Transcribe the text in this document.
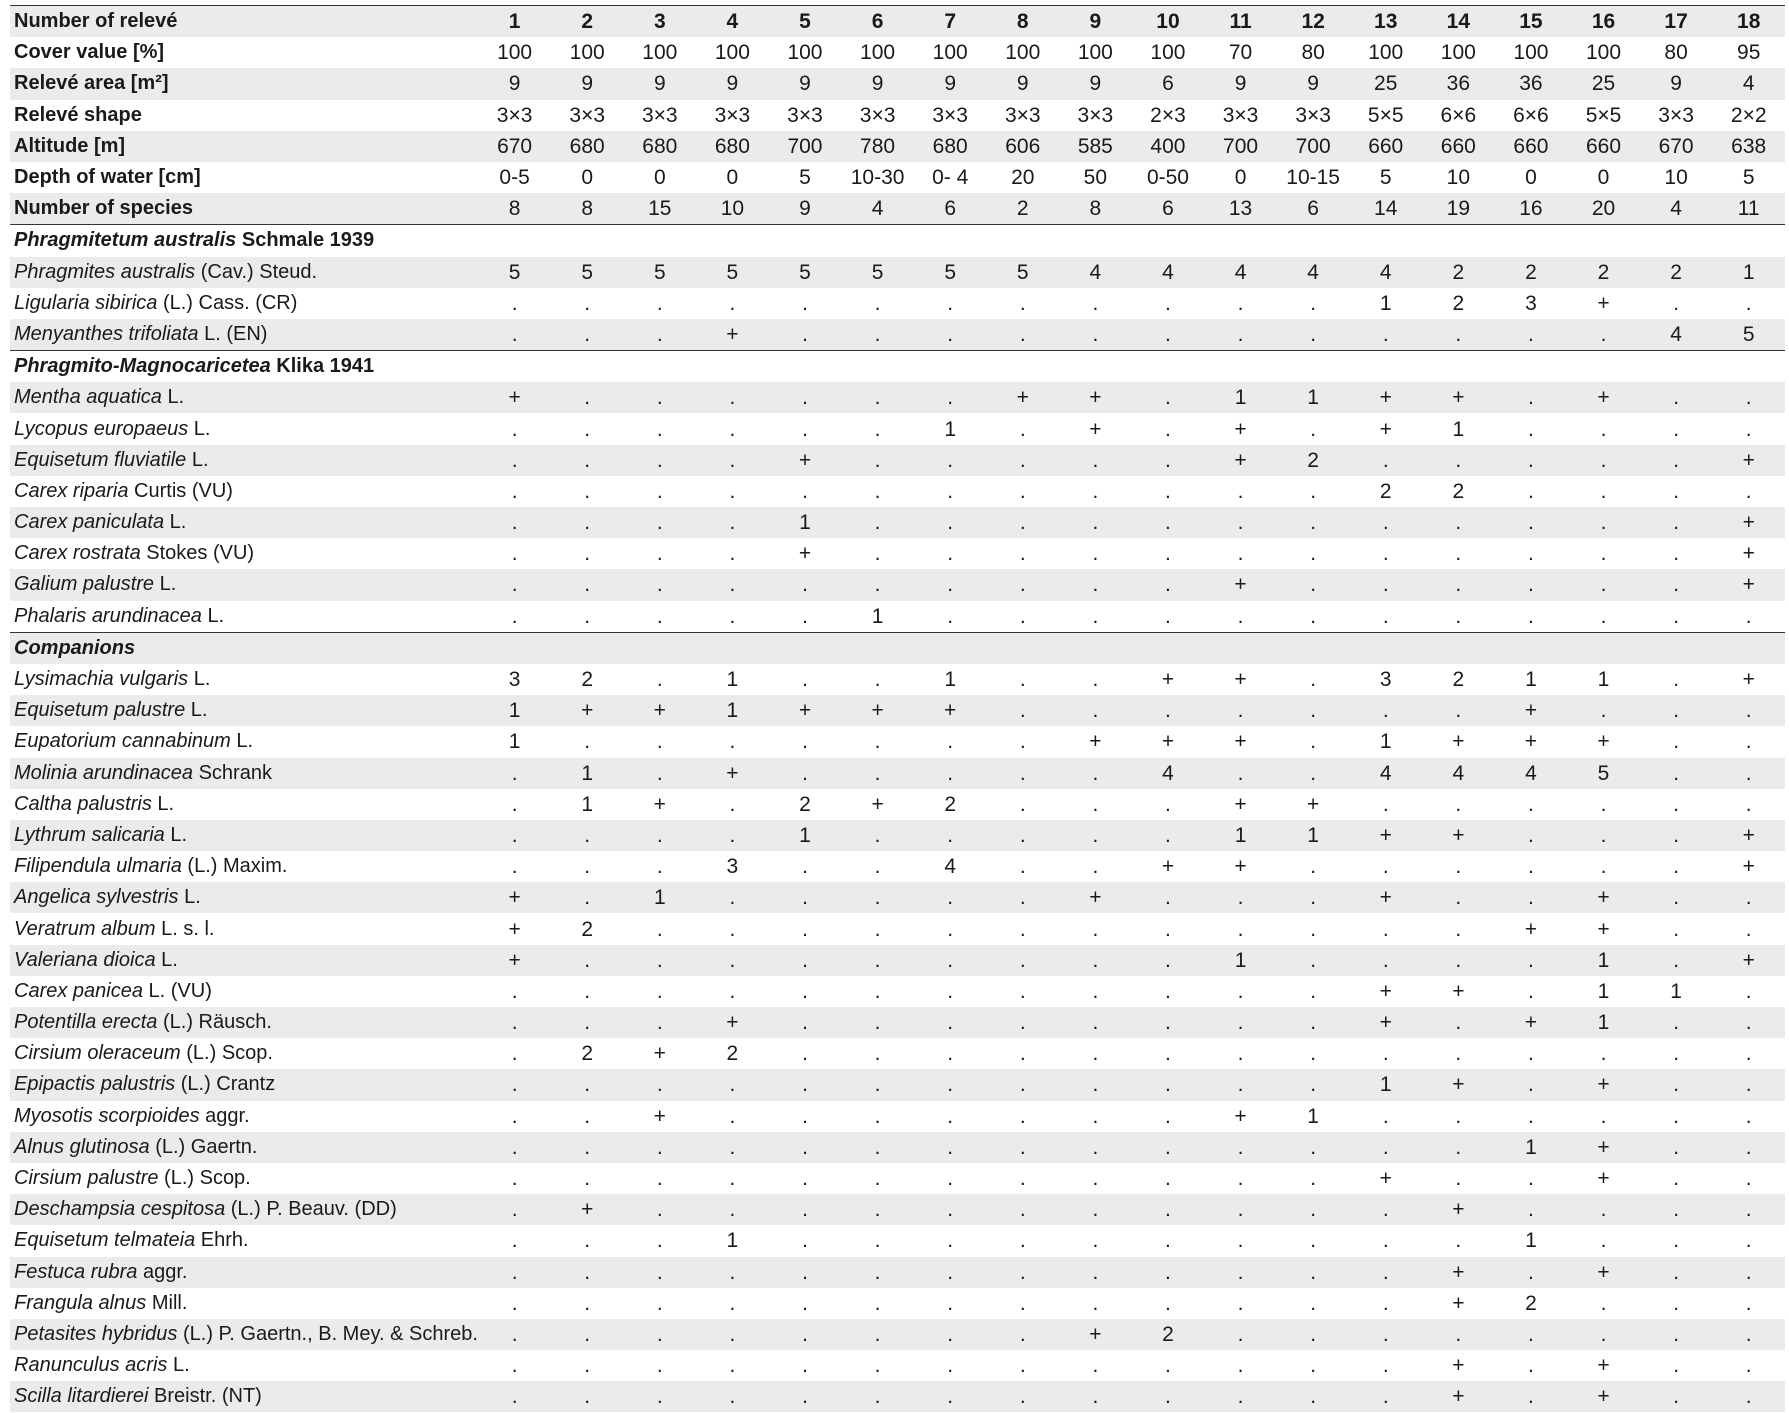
Number of relevé	1	2	3	4	5	6	7	8	9	10	11	12	13	14	15	16	17	18
Cover value [%]	100	100	100	100	100	100	100	100	100	100	70	80	100	100	100	100	80	95
Relevé area [m²]	9	9	9	9	9	9	9	9	9	6	9	9	25	36	36	25	9	4
Relevé shape	3×3	3×3	3×3	3×3	3×3	3×3	3×3	3×3	3×3	2×3	3×3	3×3	5×5	6×6	6×6	5×5	3×3	2×2
Altitude [m]	670	680	680	680	700	780	680	606	585	400	700	700	660	660	660	660	670	638
Depth of water [cm]	0-5	0	0	0	5	10-30	0- 4	20	50	0-50	0	10-15	5	10	0	0	10	5
Number of species	8	8	15	10	9	4	6	2	8	6	13	6	14	19	16	20	4	11
Phragmitetum australis Schmale 1939
Phragmites australis (Cav.) Steud.	5	5	5	5	5	5	5	5	4	4	4	4	4	2	2	2	2	1
Ligularia sibirica (L.) Cass. (CR)	.	.	.	.	.	.	.	.	.	.	.	.	1	2	3	+	.	.
Menyanthes trifoliata L. (EN)	.	.	.	+	.	.	.	.	.	.	.	.	.	.	.	.	4	5
Phragmito-Magnocaricetea Klika 1941
Mentha aquatica L.	+	.	.	.	.	.	.	+	+	.	1	1	+	+	.	+	.	.
Lycopus europaeus L.	.	.	.	.	.	.	1	.	+	.	+	.	+	1	.	.	.	.
Equisetum fluviatile L.	.	.	.	.	+	.	.	.	.	.	+	2	.	.	.	.	.	+
Carex riparia Curtis (VU)	.	.	.	.	.	.	.	.	.	.	.	.	2	2	.	.	.	.
Carex paniculata L.	.	.	.	.	1	.	.	.	.	.	.	.	.	.	.	.	.	+
Carex rostrata Stokes (VU)	.	.	.	.	+	.	.	.	.	.	.	.	.	.	.	.	.	+
Galium palustre L.	.	.	.	.	.	.	.	.	.	.	+	.	.	.	.	.	.	+
Phalaris arundinacea L.	.	.	.	.	.	1	.	.	.	.	.	.	.	.	.	.	.	.
Companions
Lysimachia vulgaris L.	3	2	.	1	.	.	1	.	.	+	+	.	3	2	1	1	.	+
Equisetum palustre L.	1	+	+	1	+	+	+	.	.	.	.	.	.	.	+	.	.	.
Eupatorium cannabinum L.	1	.	.	.	.	.	.	.	+	+	+	.	1	+	+	+	.	.
Molinia arundinacea Schrank	.	1	.	+	.	.	.	.	.	4	.	.	4	4	4	5	.	.
Caltha palustris L.	.	1	+	.	2	+	2	.	.	.	+	+	.	.	.	.	.	.
Lythrum salicaria L.	.	.	.	.	1	.	.	.	.	.	1	1	+	+	.	.	.	+
Filipendula ulmaria (L.) Maxim.	.	.	.	3	.	.	4	.	.	+	+	.	.	.	.	.	.	+
Angelica sylvestris L.	+	.	1	.	.	.	.	.	+	.	.	.	+	.	.	+	.	.
Veratrum album L. s. l.	+	2	.	.	.	.	.	.	.	.	.	.	.	.	+	+	.	.
Valeriana dioica L.	+	.	.	.	.	.	.	.	.	.	1	.	.	.	.	1	.	+
Carex panicea L. (VU)	.	.	.	.	.	.	.	.	.	.	.	.	+	+	.	1	1	.
Potentilla erecta (L.) Räusch.	.	.	.	+	.	.	.	.	.	.	.	.	+	.	+	1	.	.
Cirsium oleraceum (L.) Scop.	.	2	+	2	.	.	.	.	.	.	.	.	.	.	.	.	.	.
Epipactis palustris (L.) Crantz	.	.	.	.	.	.	.	.	.	.	.	.	1	+	.	+	.	.
Myosotis scorpioides aggr.	.	.	+	.	.	.	.	.	.	.	+	1	.	.	.	.	.	.
Alnus glutinosa (L.) Gaertn.	.	.	.	.	.	.	.	.	.	.	.	.	.	.	1	+	.	.
Cirsium palustre (L.) Scop.	.	.	.	.	.	.	.	.	.	.	.	.	+	.	.	+	.	.
Deschampsia cespitosa (L.) P. Beauv. (DD)	.	+	.	.	.	.	.	.	.	.	.	.	.	+	.	.	.	.
Equisetum telmateia Ehrh.	.	.	.	1	.	.	.	.	.	.	.	.	.	.	1	.	.	.
Festuca rubra aggr.	.	.	.	.	.	.	.	.	.	.	.	.	.	+	.	+	.	.
Frangula alnus Mill.	.	.	.	.	.	.	.	.	.	.	.	.	.	+	2	.	.	.
Petasites hybridus (L.) P. Gaertn., B. Mey. & Schreb.	.	.	.	.	.	.	.	.	+	2	.	.	.	.	.	.	.	.
Ranunculus acris L.	.	.	.	.	.	.	.	.	.	.	.	.	.	+	.	+	.	.
Scilla litardierei Breistr. (NT)	.	.	.	.	.	.	.	.	.	.	.	.	.	+	.	+	.	.
